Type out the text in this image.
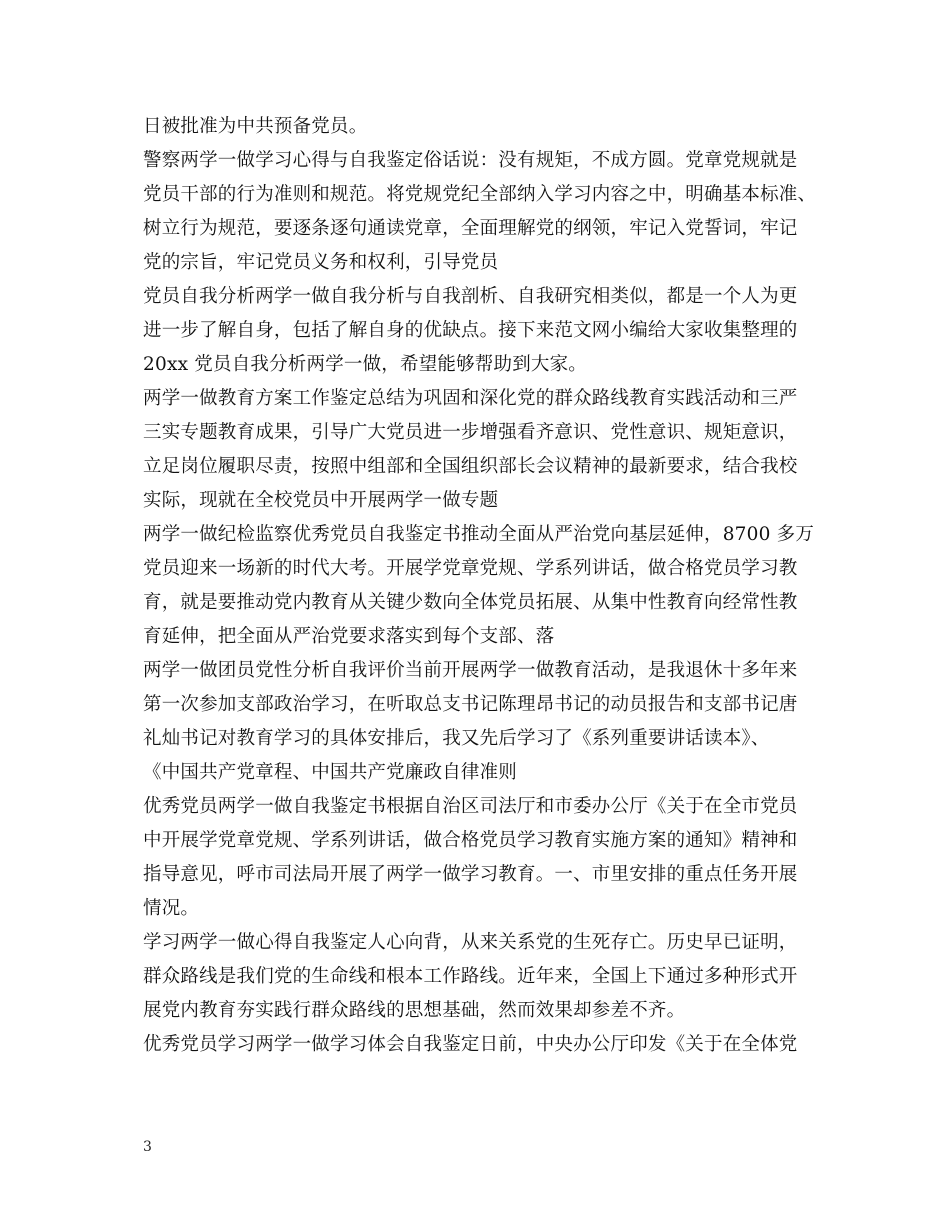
日被批准为中共预备党员。
警察两学一做学习心得与自我鉴定俗话说：没有规矩，不成方圆。党章党规就是
党员干部的行为准则和规范。将党规党纪全部纳入学习内容之中，明确基本标准、
树立行为规范，要逐条逐句通读党章，全面理解党的纲领，牢记入党誓词，牢记
党的宗旨，牢记党员义务和权利，引导党员
党员自我分析两学一做自我分析与自我剖析、自我研究相类似，都是一个人为更
进一步了解自身，包括了解自身的优缺点。接下来范文网小编给大家收集整理的
20xx 党员自我分析两学一做，希望能够帮助到大家。
两学一做教育方案工作鉴定总结为巩固和深化党的群众路线教育实践活动和三严
三实专题教育成果，引导广大党员进一步增强看齐意识、党性意识、规矩意识，
立足岗位履职尽责，按照中组部和全国组织部长会议精神的最新要求，结合我校
实际，现就在全校党员中开展两学一做专题
两学一做纪检监察优秀党员自我鉴定书推动全面从严治党向基层延伸，8700 多万
党员迎来一场新的时代大考。开展学党章党规、学系列讲话，做合格党员学习教
育，就是要推动党内教育从关键少数向全体党员拓展、从集中性教育向经常性教
育延伸，把全面从严治党要求落实到每个支部、落
两学一做团员党性分析自我评价当前开展两学一做教育活动，是我退休十多年来
第一次参加支部政治学习，在听取总支书记陈理昂书记的动员报告和支部书记唐
礼灿书记对教育学习的具体安排后，我又先后学习了《系列重要讲话读本》、
《中国共产党章程、中国共产党廉政自律准则
优秀党员两学一做自我鉴定书根据自治区司法厅和市委办公厅《关于在全市党员
中开展学党章党规、学系列讲话，做合格党员学习教育实施方案的通知》精神和
指导意见，呼市司法局开展了两学一做学习教育。一、市里安排的重点任务开展
情况。
学习两学一做心得自我鉴定人心向背，从来关系党的生死存亡。历史早已证明，
群众路线是我们党的生命线和根本工作路线。近年来，全国上下通过多种形式开
展党内教育夯实践行群众路线的思想基础，然而效果却参差不齐。
优秀党员学习两学一做学习体会自我鉴定日前，中央办公厅印发《关于在全体党
3
